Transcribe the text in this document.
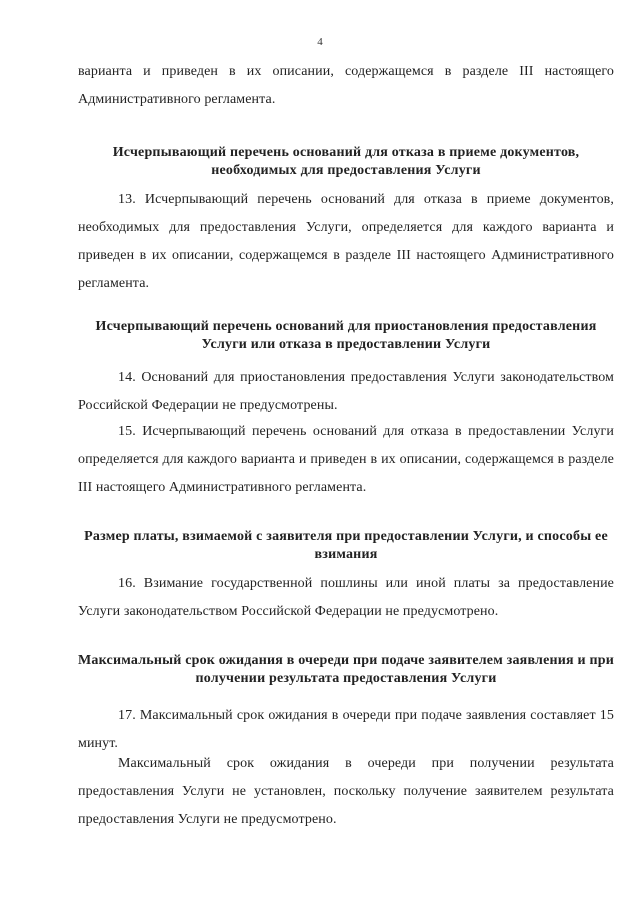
4

варианта и приведен в их описании, содержащемся в разделе III настоящего Административного регламента.

Исчерпывающий перечень оснований для отказа в приеме документов, необходимых для предоставления Услуги

13. Исчерпывающий перечень оснований для отказа в приеме документов, необходимых для предоставления Услуги, определяется для каждого варианта и приведен в их описании, содержащемся в разделе III настоящего Административного регламента.

Исчерпывающий перечень оснований для приостановления предоставления Услуги или отказа в предоставлении Услуги

14. Оснований для приостановления предоставления Услуги законодательством Российской Федерации не предусмотрены.

15. Исчерпывающий перечень оснований для отказа в предоставлении Услуги определяется для каждого варианта и приведен в их описании, содержащемся в разделе III настоящего Административного регламента.

Размер платы, взимаемой с заявителя при предоставлении Услуги, и способы ее взимания

16. Взимание государственной пошлины или иной платы за предоставление Услуги законодательством Российской Федерации не предусмотрено.

Максимальный срок ожидания в очереди при подаче заявителем заявления и при получении результата предоставления Услуги

17. Максимальный срок ожидания в очереди при подаче заявления составляет 15 минут.

Максимальный срок ожидания в очереди при получении результата предоставления Услуги не установлен, поскольку получение заявителем результата предоставления Услуги не предусмотрено.
